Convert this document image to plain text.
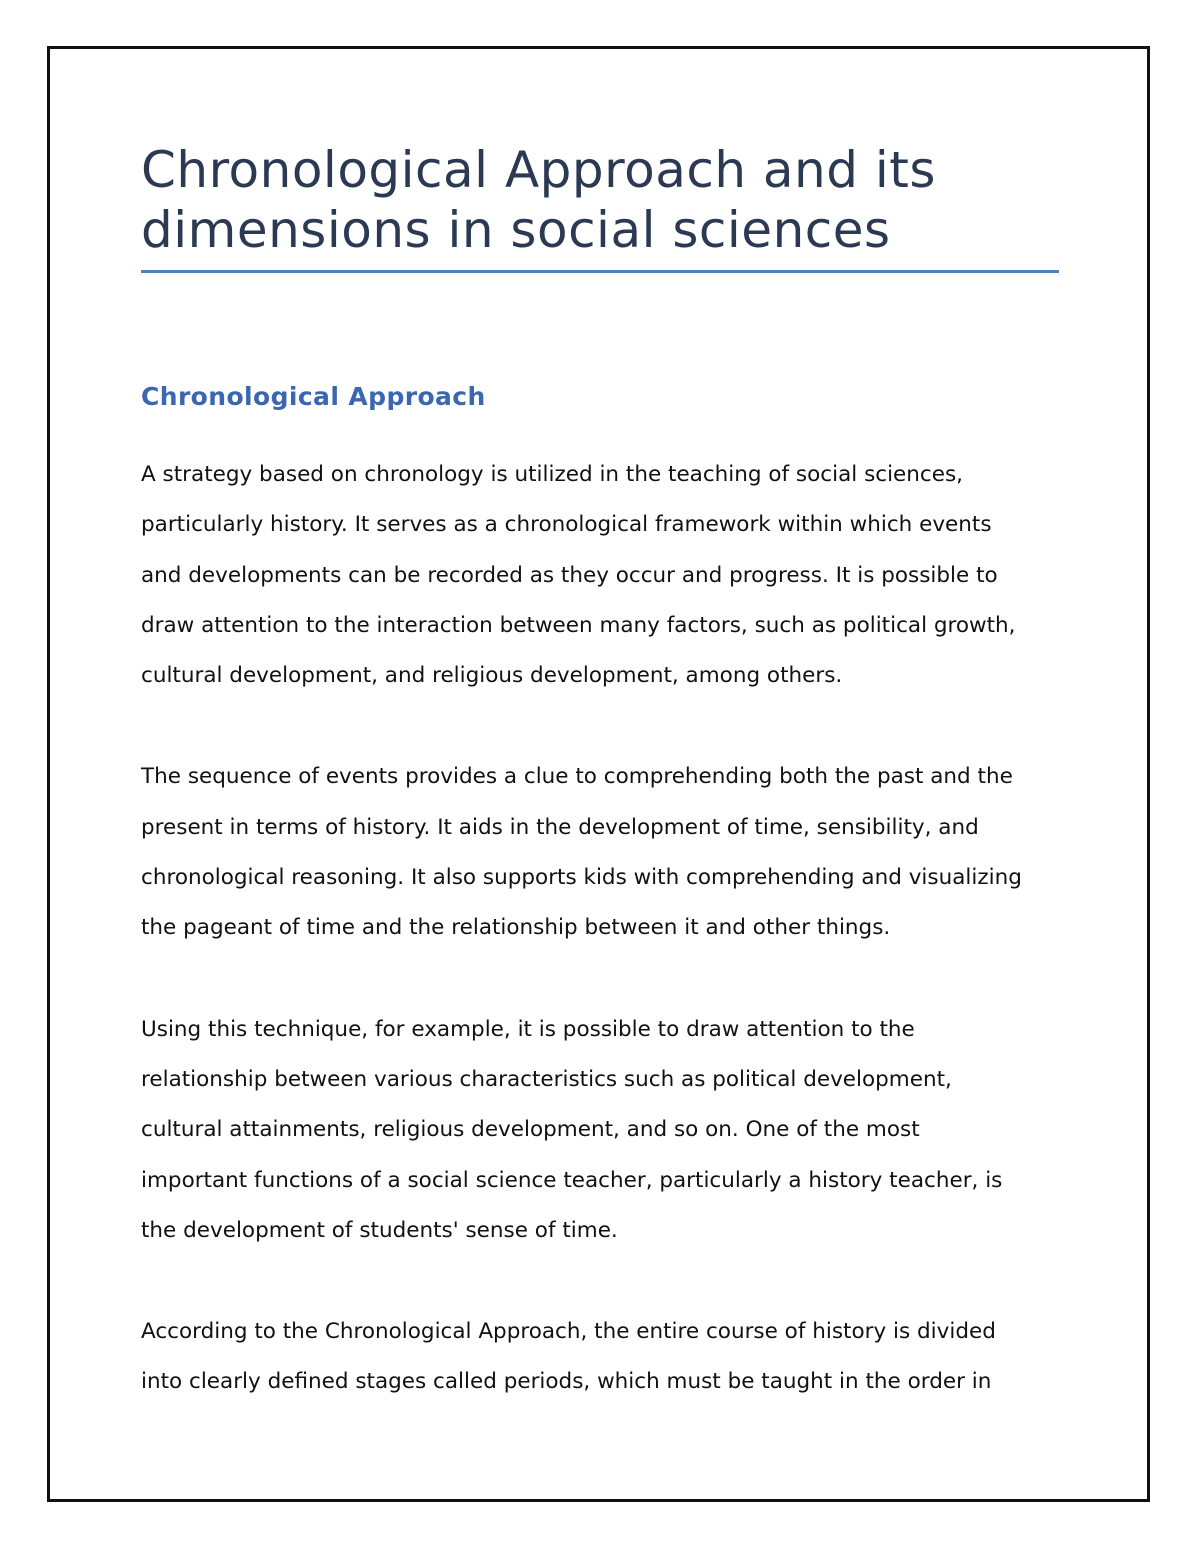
Chronological Approach and its
dimensions in social sciences
Chronological Approach

A strategy based on chronology is utilized in the teaching of social sciences,
particularly history. It serves as a chronological framework within which events
and developments can be recorded as they occur and progress. It is possible to
draw attention to the interaction between many factors, such as political growth,
cultural development, and religious development, among others.

The sequence of events provides a clue to comprehending both the past and the
present in terms of history. It aids in the development of time, sensibility, and
chronological reasoning. It also supports kids with comprehending and visualizing
the pageant of time and the relationship between it and other things.

Using this technique, for example, it is possible to draw attention to the
relationship between various characteristics such as political development,
cultural attainments, religious development, and so on. One of the most
important functions of a social science teacher, particularly a history teacher, is
the development of students' sense of time.

According to the Chronological Approach, the entire course of history is divided
into clearly defined stages called periods, which must be taught in the order in
